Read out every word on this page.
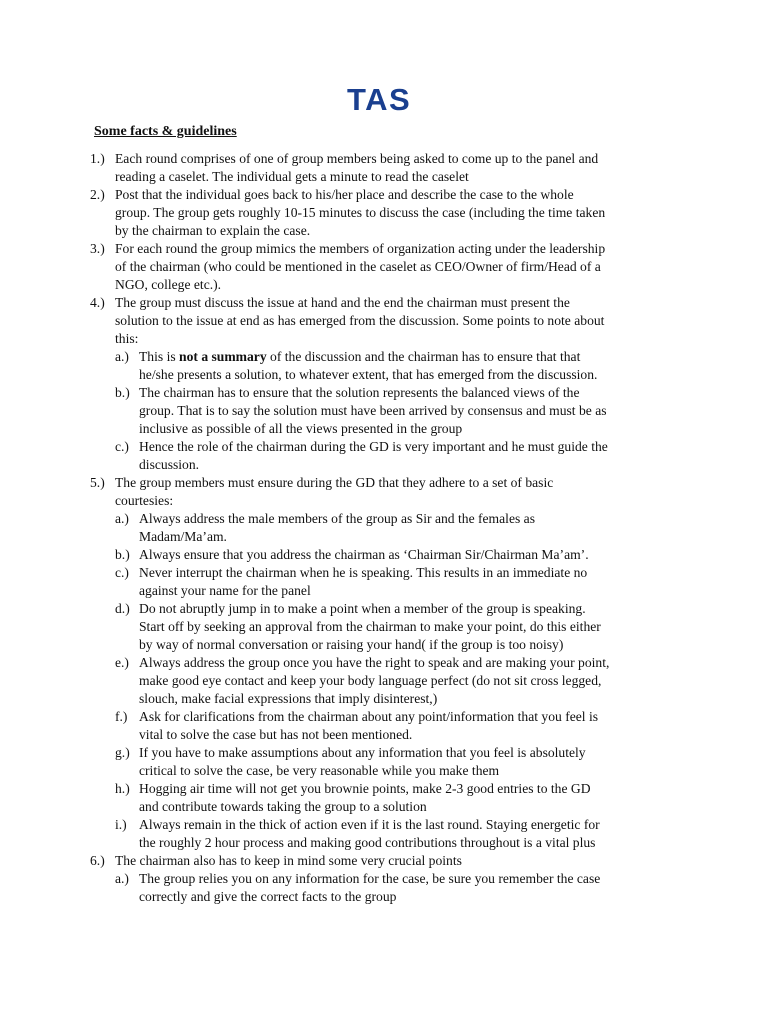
TAS
Some facts & guidelines
1.) Each round comprises of one of group members being asked to come up to the panel and
reading a caselet. The individual gets a minute to read the caselet
2.) Post that the individual goes back to his/her place and describe the case to the whole
group. The group gets roughly 10-15 minutes to discuss the case (including the time taken
by the chairman to explain the case.
3.) For each round the group mimics the members of organization acting under the leadership
of the chairman (who could be mentioned in the caselet as CEO/Owner of firm/Head of a
NGO, college etc.).
4.) The group must discuss the issue at hand and the end the chairman must present the
solution to the issue at end as has emerged from the discussion. Some points to note about
this:
a.) This is not a summary of the discussion and the chairman has to ensure that that
he/she presents a solution, to whatever extent, that has emerged from the discussion.
b.) The chairman has to ensure that the solution represents the balanced views of the
group. That is to say the solution must have been arrived by consensus and must be as
inclusive as possible of all the views presented in the group
c.) Hence the role of the chairman during the GD is very important and he must guide the
discussion.
5.) The group members must ensure during the GD that they adhere to a set of basic
courtesies:
a.) Always address the male members of the group as Sir and the females as
Madam/Ma’am.
b.) Always ensure that you address the chairman as ‘Chairman Sir/Chairman Ma’am’.
c.) Never interrupt the chairman when he is speaking. This results in an immediate no
against your name for the panel
d.) Do not abruptly jump in to make a point when a member of the group is speaking.
Start off by seeking an approval from the chairman to make your point, do this either
by way of normal conversation or raising your hand( if the group is too noisy)
e.) Always address the group once you have the right to speak and are making your point,
make good eye contact and keep your body language perfect (do not sit cross legged,
slouch, make facial expressions that imply disinterest,)
f.) Ask for clarifications from the chairman about any point/information that you feel is
vital to solve the case but has not been mentioned.
g.) If you have to make assumptions about any information that you feel is absolutely
critical to solve the case, be very reasonable while you make them
h.) Hogging air time will not get you brownie points, make 2-3 good entries to the GD
and contribute towards taking the group to a solution
i.) Always remain in the thick of action even if it is the last round. Staying energetic for
the roughly 2 hour process and making good contributions throughout is a vital plus
6.) The chairman also has to keep in mind some very crucial points
a.) The group relies you on any information for the case, be sure you remember the case
correctly and give the correct facts to the group
